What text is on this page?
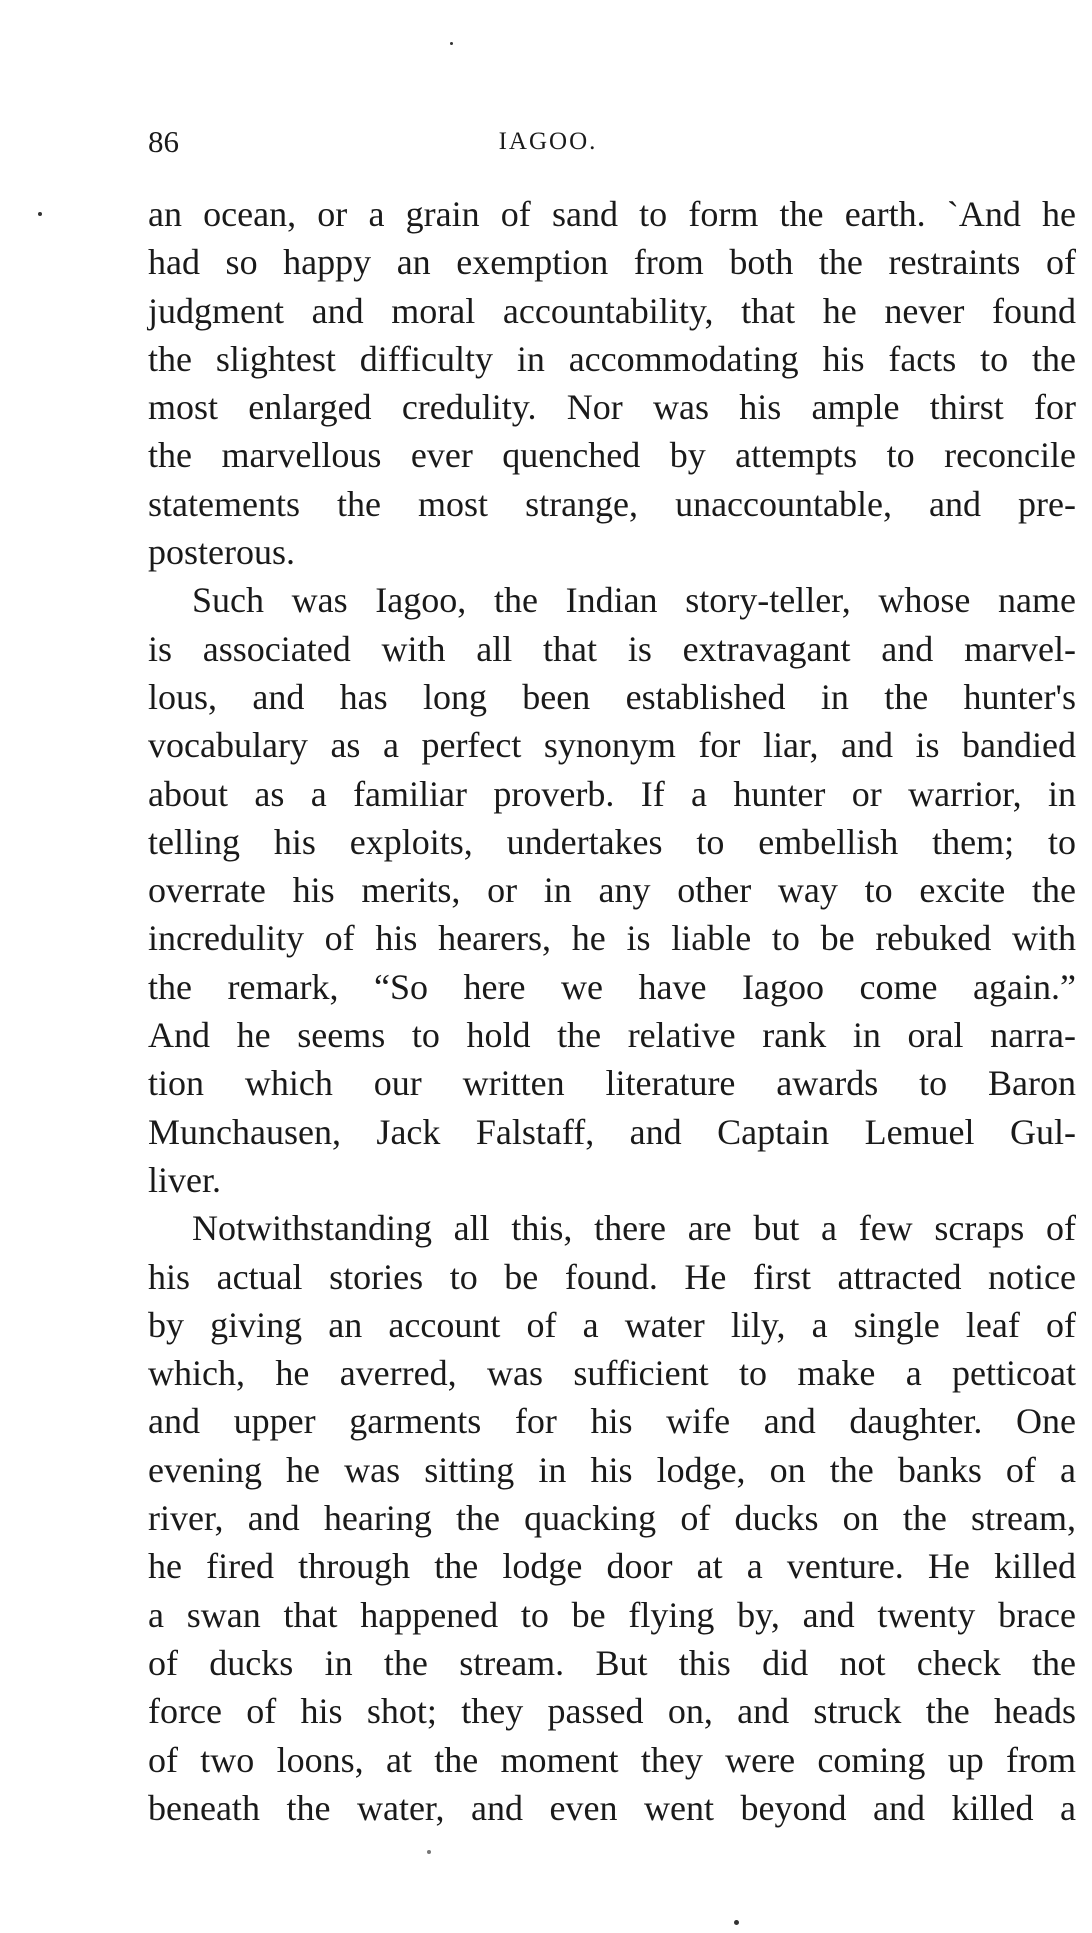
86	IAGOO.
an ocean, or a grain of sand to form the earth. `And he
had so happy an exemption from both the restraints of
judgment and moral accountability, that he never found
the slightest difficulty in accommodating his facts to the
most enlarged credulity. Nor was his ample thirst for
the marvellous ever quenched by attempts to reconcile
statements the most strange, unaccountable, and pre-
posterous.
Such was Iagoo, the Indian story-teller, whose name
is associated with all that is extravagant and marvel-
lous, and has long been established in the hunter's
vocabulary as a perfect synonym for liar, and is bandied
about as a familiar proverb. If a hunter or warrior, in
telling his exploits, undertakes to embellish them; to
overrate his merits, or in any other way to excite the
incredulity of his hearers, he is liable to be rebuked with
the remark, “So here we have Iagoo come again.”
And he seems to hold the relative rank in oral narra-
tion which our written literature awards to Baron
Munchausen, Jack Falstaff, and Captain Lemuel Gul-
liver.
Notwithstanding all this, there are but a few scraps of
his actual stories to be found. He first attracted notice
by giving an account of a water lily, a single leaf of
which, he averred, was sufficient to make a petticoat
and upper garments for his wife and daughter. One
evening he was sitting in his lodge, on the banks of a
river, and hearing the quacking of ducks on the stream,
he fired through the lodge door at a venture. He killed
a swan that happened to be flying by, and twenty brace
of ducks in the stream. But this did not check the
force of his shot; they passed on, and struck the heads
of two loons, at the moment they were coming up from
beneath the water, and even went beyond and killed a
